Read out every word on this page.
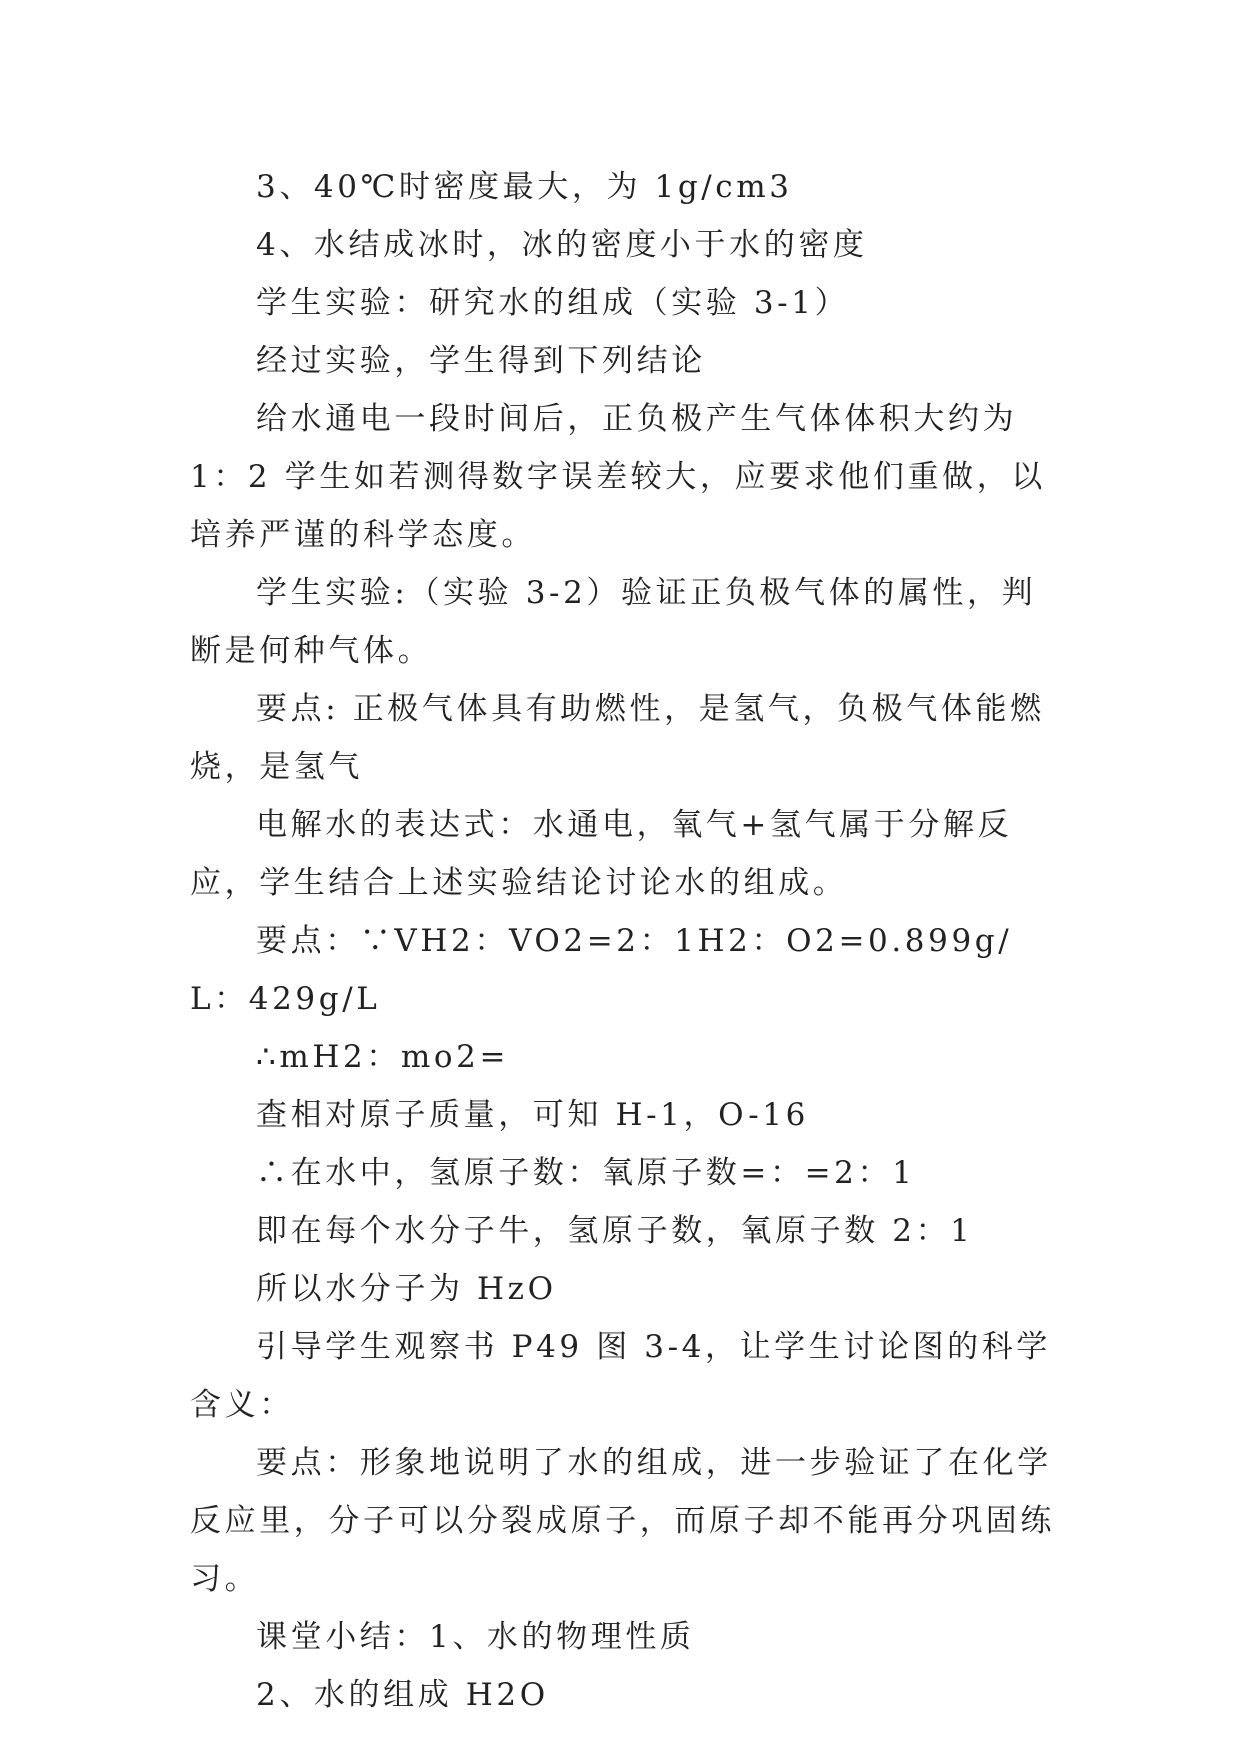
3、40℃时密度最大，为 1g/cm3

4、水结成冰时，冰的密度小于水的密度

学生实验：研究水的组成（实验 3-1）

经过实验，学生得到下列结论

给水通电一段时间后，正负极产生气体体积大约为 1：2 学生如若测得数字误差较大，应要求他们重做，以培养严谨的科学态度。

学生实验:（实验 3-2）验证正负极气体的属性，判断是何种气体。

要点: 正极气体具有助燃性，是氢气，负极气体能燃烧，是氢气

电解水的表达式：水通电，氧气+氢气属于分解反应，学生结合上述实验结论讨论水的组成。

要点：∵VH2：VO2=2：1H2：O2=0.899g/L：429g/L

∴mH2：mo2=

查相对原子质量，可知 H-1，O-16

∴在水中，氢原子数：氧原子数=：=2：1

即在每个水分子牛，氢原子数，氧原子数 2：1

所以水分子为 HzO

引导学生观察书 P49 图 3-4，让学生讨论图的科学含义：

要点：形象地说明了水的组成，进一步验证了在化学反应里，分子可以分裂成原子，而原子却不能再分巩固练习。

课堂小结：1、水的物理性质

2、水的组成 H2O
